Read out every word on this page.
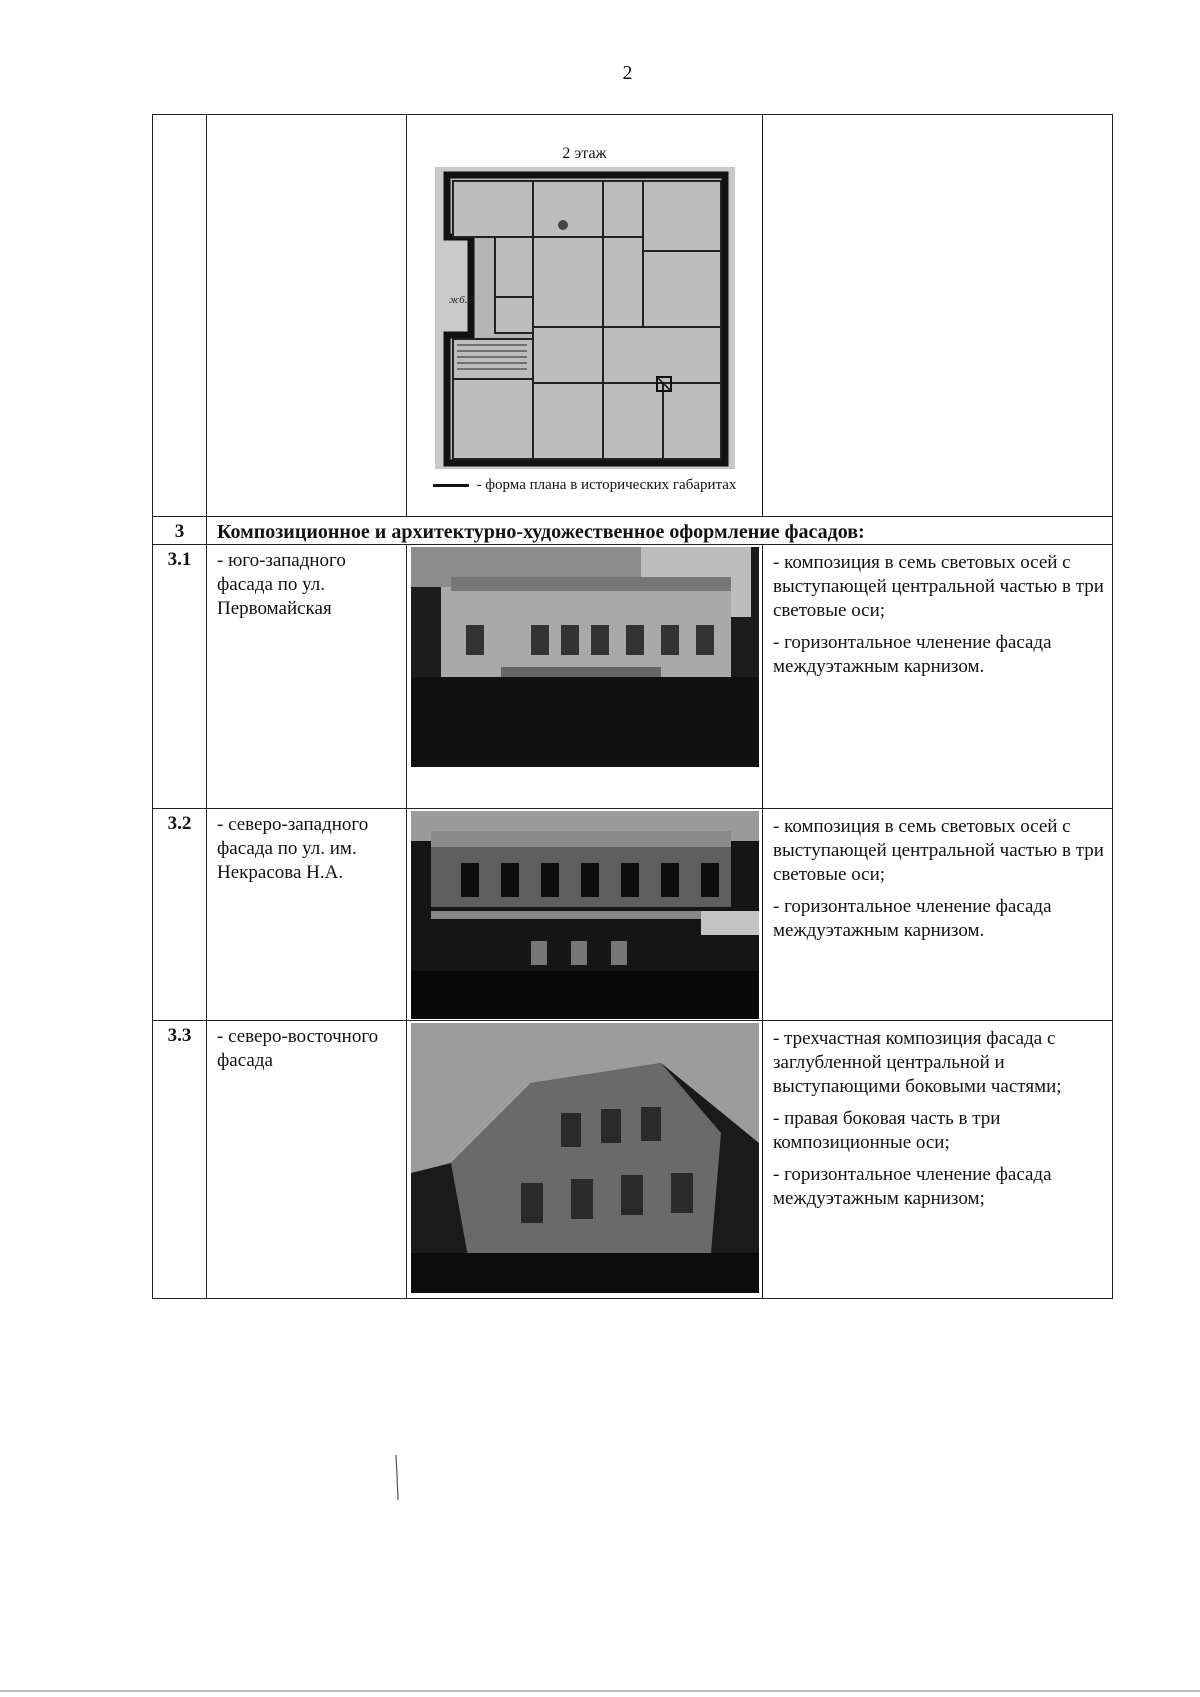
2

		2 этаж
ж6.2
- форма плана в исторических габаритах	

3	Композиционное и архитектурно-художественное оформление фасадов:		
3.1	- юго-западного фасада по ул. Первомайская		- композиция в семь световых осей с выступающей центральной частью в три световые оси;

- горизонтальное членение фасада междуэтажным карнизом.

3.2	- северо-западного фасада по ул. им. Некрасова Н.А.		- композиция в семь световых осей с выступающей центральной частью в три световые оси;

- горизонтальное членение фасада междуэтажным карнизом.

3.3	- северо-восточного фасада		- трехчастная композиция фасада с заглубленной центральной и выступающими боковыми частями;

- правая боковая часть в три композиционные оси;

- горизонтальное членение фасада междуэтажным карнизом;
